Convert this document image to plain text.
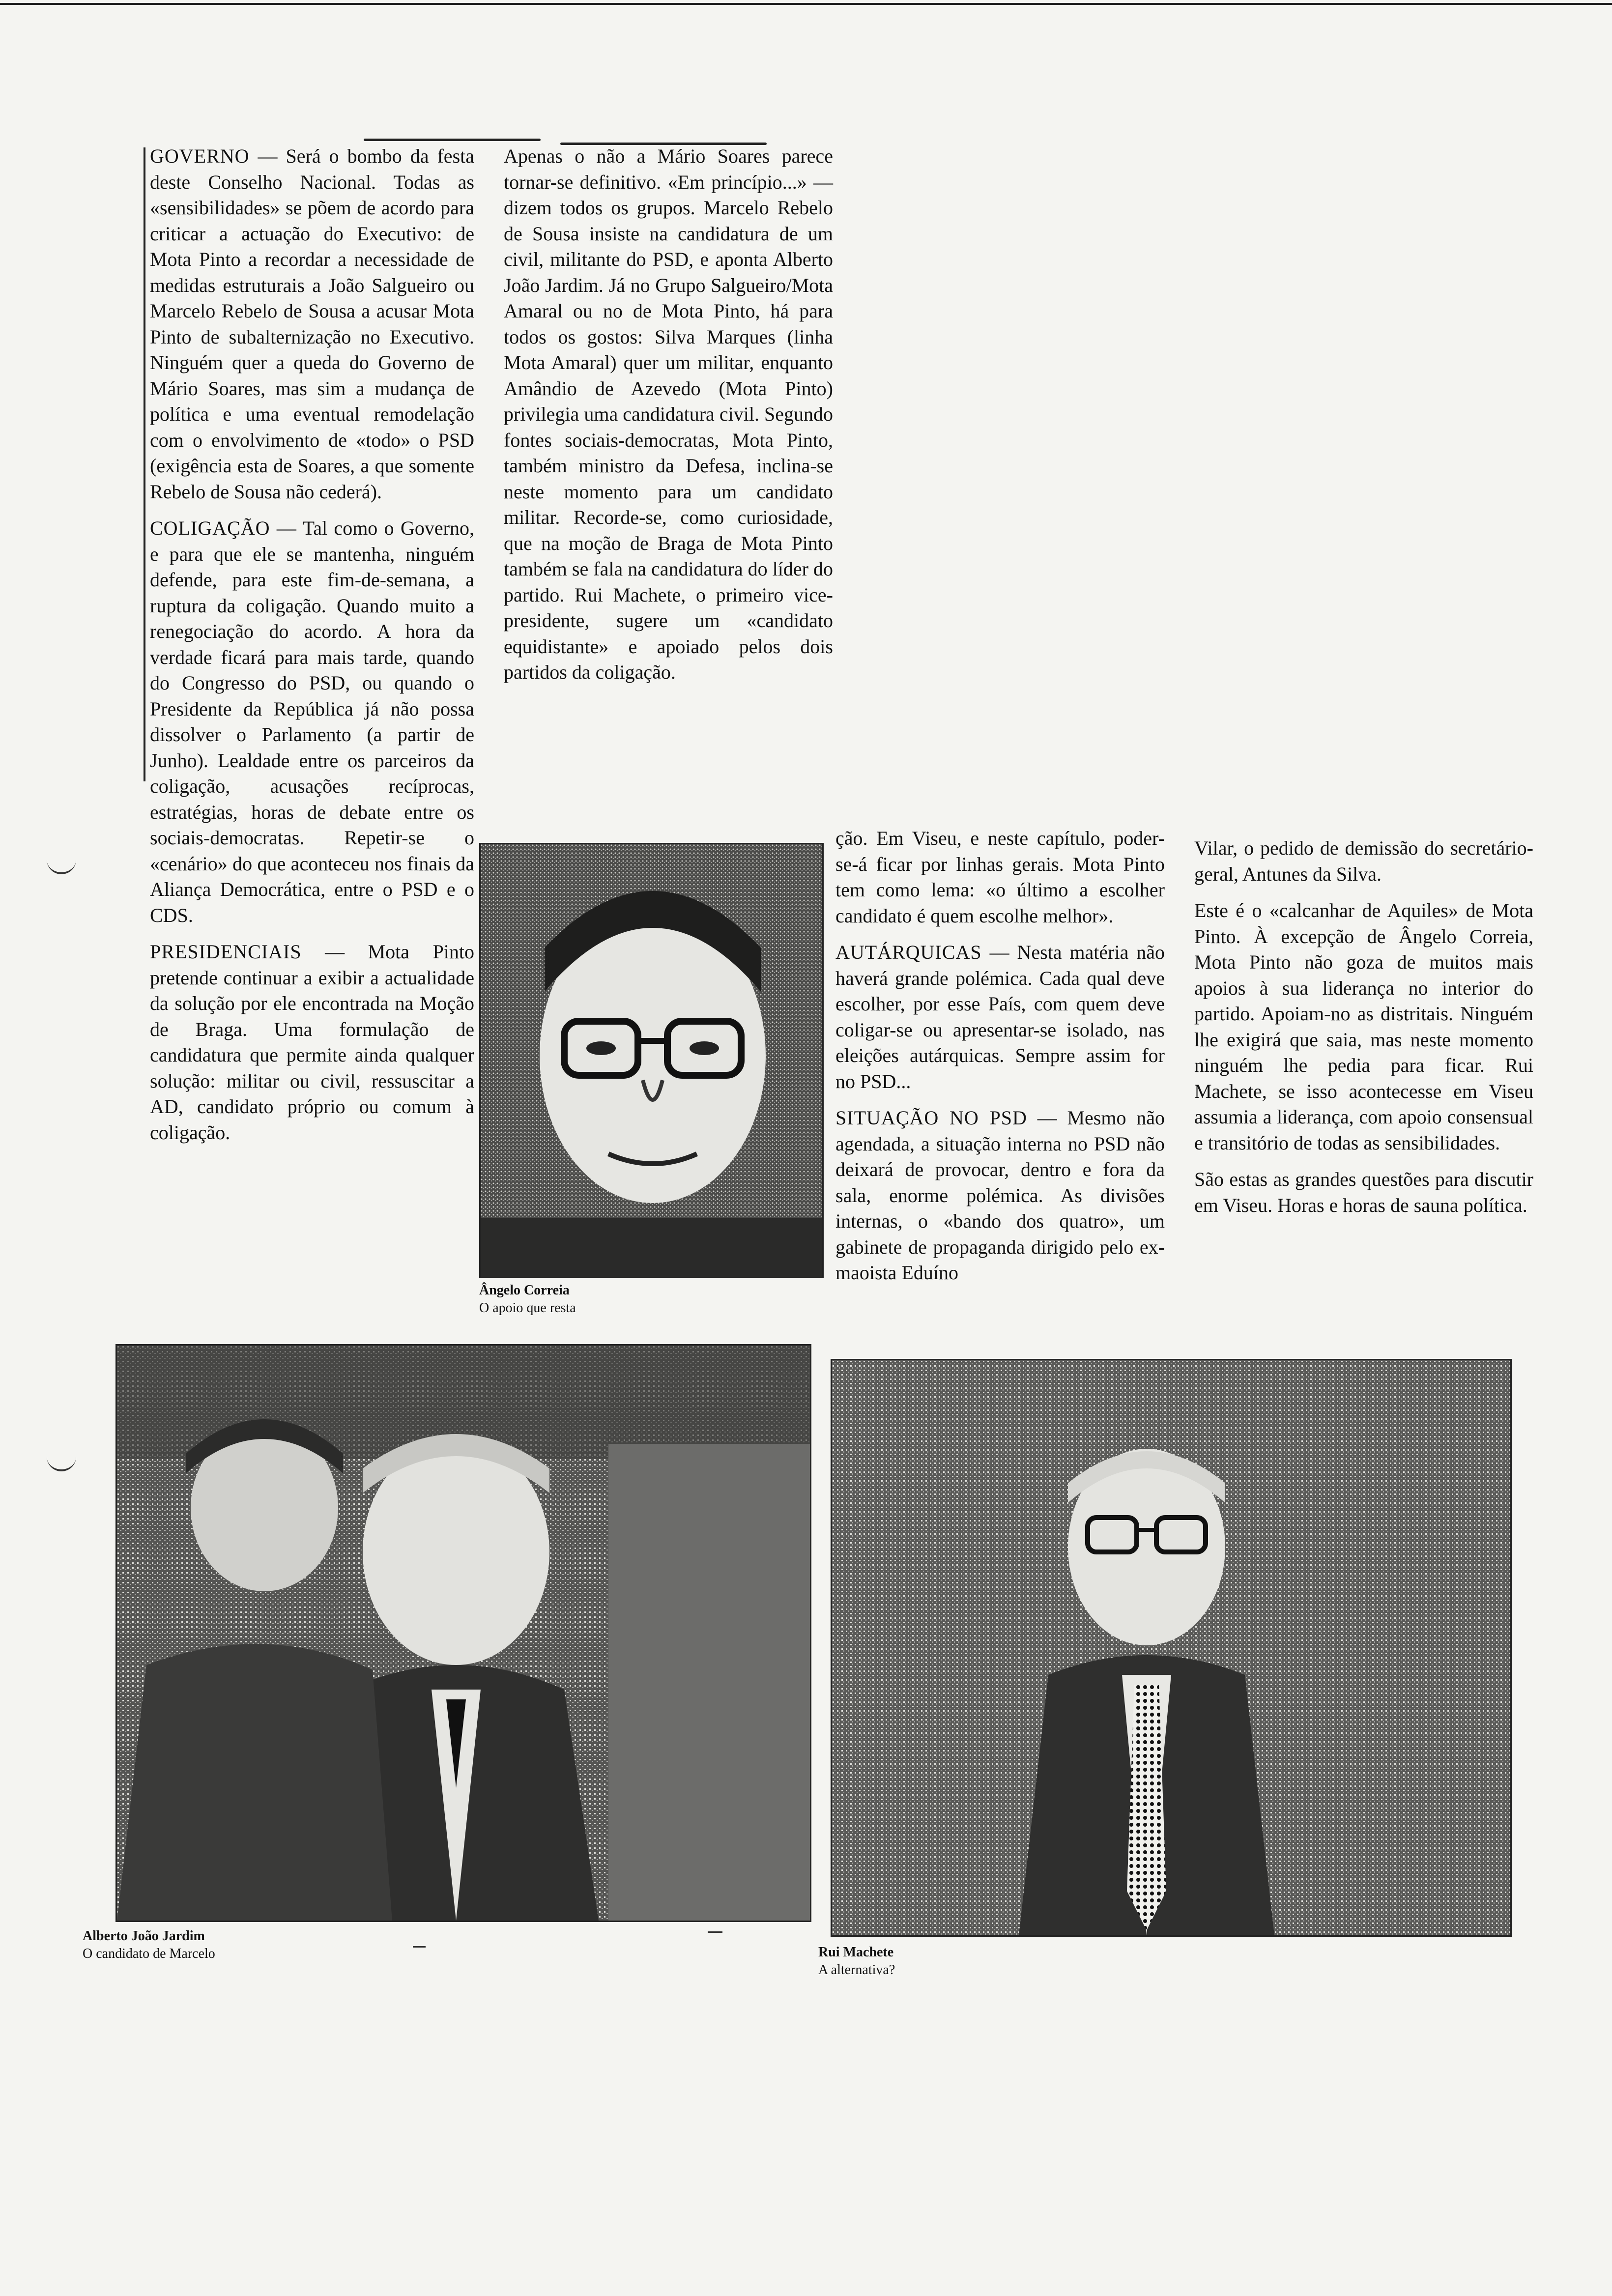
GOVERNO — Será o bombo da festa deste Conselho Nacional. Todas as «sensibilidades» se põem de acordo para criticar a actuação do Executivo: de Mota Pinto a recordar a necessidade de medidas estruturais a João Salgueiro ou Marcelo Rebelo de Sousa a acusar Mota Pinto de subalternização no Executivo. Ninguém quer a queda do Governo de Mário Soares, mas sim a mudança de política e uma eventual remodelação com o envolvimento de «todo» o PSD (exigência esta de Soares, a que somente Rebelo de Sousa não cederá).

COLIGAÇÃO — Tal como o Governo, e para que ele se mantenha, ninguém defende, para este fim-de-semana, a ruptura da coligação. Quando muito a renegociação do acordo. A hora da verdade ficará para mais tarde, quando do Congresso do PSD, ou quando o Presidente da República já não possa dissolver o Parlamento (a partir de Junho). Lealdade entre os parceiros da coligação, acusações recíprocas, estratégias, horas de debate entre os sociais-democratas. Repetir-se o «cenário» do que aconteceu nos finais da Aliança Democrática, entre o PSD e o CDS.

PRESIDENCIAIS — Mota Pinto pretende continuar a exibir a actualidade da solução por ele encontrada na Moção de Braga. Uma formulação de candidatura que permite ainda qualquer solução: militar ou civil, ressuscitar a AD, candidato próprio ou comum à coligação.

Apenas o não a Mário Soares parece tornar-se definitivo. «Em princípio...» — dizem todos os grupos. Marcelo Rebelo de Sousa insiste na candidatura de um civil, militante do PSD, e aponta Alberto João Jardim. Já no Grupo Salgueiro/Mota Amaral ou no de Mota Pinto, há para todos os gostos: Silva Marques (linha Mota Amaral) quer um militar, enquanto Amândio de Azevedo (Mota Pinto) privilegia uma candidatura civil. Segundo fontes sociais-democratas, Mota Pinto, também ministro da Defesa, inclina-se neste momento para um candidato militar. Recorde-se, como curiosidade, que na moção de Braga de Mota Pinto também se fala na candidatura do líder do partido. Rui Machete, o primeiro vice-presidente, sugere um «candidato equidistante» e apoiado pelos dois partidos da coligação.

Ângelo Correia
O apoio que resta

ção. Em Viseu, e neste capítulo, poder-se-á ficar por linhas gerais. Mota Pinto tem como lema: «o último a escolher candidato é quem escolhe melhor».

AUTÁRQUICAS — Nesta matéria não haverá grande polémica. Cada qual deve escolher, por esse País, com quem deve coligar-se ou apresentar-se isolado, nas eleições autárquicas. Sempre assim for no PSD...

SITUAÇÃO NO PSD — Mesmo não agendada, a situação interna no PSD não deixará de provocar, dentro e fora da sala, enorme polémica. As divisões internas, o «bando dos quatro», um gabinete de propaganda dirigido pelo ex-maoista Eduíno

Vilar, o pedido de demissão do secretário-geral, Antunes da Silva.

Este é o «calcanhar de Aquiles» de Mota Pinto. À excepção de Ângelo Correia, Mota Pinto não goza de muitos mais apoios à sua liderança no interior do partido. Apoiam-no as distritais. Ninguém lhe exigirá que saia, mas neste momento ninguém lhe pedia para ficar. Rui Machete, se isso acontecesse em Viseu assumia a liderança, com apoio consensual e transitório de todas as sensibilidades.

São estas as grandes questões para discutir em Viseu. Horas e horas de sauna política.

Alberto João Jardim
O candidato de Marcelo	Rui Machete
A alternativa?
